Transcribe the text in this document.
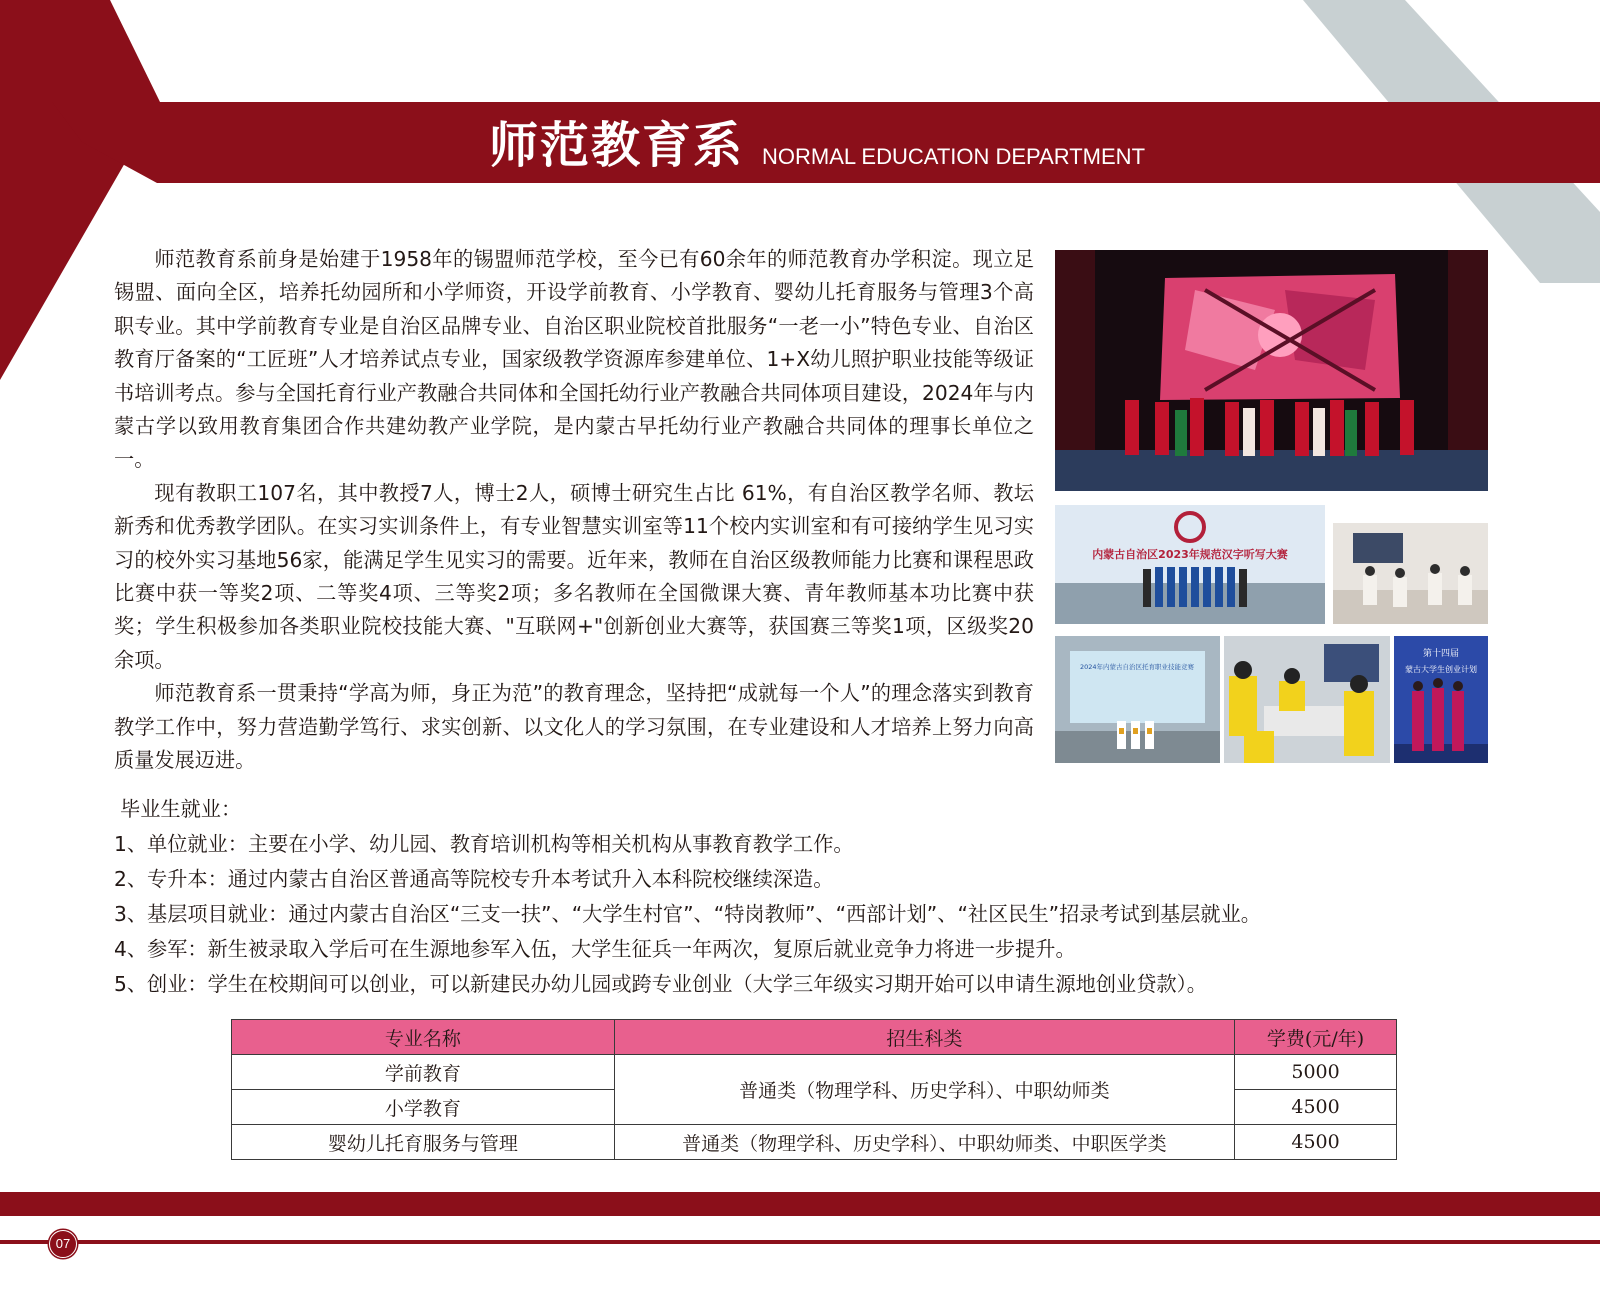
师范教育系 NORMAL EDUCATION DEPARTMENT

师范教育系前身是始建于1958年的锡盟师范学校，至今已有60余年的师范教育办学积淀。现立足锡盟、面向全区，培养托幼园所和小学师资，开设学前教育、小学教育、婴幼儿托育服务与管理3个高职专业。其中学前教育专业是自治区品牌专业、自治区职业院校首批服务“一老一小”特色专业、自治区教育厅备案的“工匠班”人才培养试点专业，国家级教学资源库参建单位、1+X幼儿照护职业技能等级证书培训考点。参与全国托育行业产教融合共同体和全国托幼行业产教融合共同体项目建设，2024年与内蒙古学以致用教育集团合作共建幼教产业学院，是内蒙古早托幼行业产教融合共同体的理事长单位之一。

现有教职工107名，其中教授7人，博士2人，硕博士研究生占比 61%，有自治区教学名师、教坛新秀和优秀教学团队。在实习实训条件上，有专业智慧实训室等11个校内实训室和有可接纳学生见习实习的校外实习基地56家，能满足学生见实习的需要。近年来，教师在自治区级教师能力比赛和课程思政比赛中获一等奖2项、二等奖4项、三等奖2项；多名教师在全国微课大赛、青年教师基本功比赛中获奖；学生积极参加各类职业院校技能大赛、"互联网+"创新创业大赛等，获国赛三等奖1项，区级奖20余项。

师范教育系一贯秉持“学高为师，身正为范”的教育理念，坚持把“成就每一个人”的理念落实到教育教学工作中，努力营造勤学笃行、求实创新、以文化人的学习氛围，在专业建设和人才培养上努力向高质量发展迈进。

内蒙古自治区2023年规范汉字听写大赛
2024年内蒙古自治区托育职业技能竞赛
第十四届
蒙古大学生创业计划
毕业生就业：
1、单位就业：主要在小学、幼儿园、教育培训机构等相关机构从事教育教学工作。
2、专升本：通过内蒙古自治区普通高等院校专升本考试升入本科院校继续深造。
3、基层项目就业：通过内蒙古自治区“三支一扶”、“大学生村官”、“特岗教师”、“西部计划”、“社区民生”招录考试到基层就业。
4、参军：新生被录取入学后可在生源地参军入伍，大学生征兵一年两次，复原后就业竞争力将进一步提升。
5、创业：学生在校期间可以创业，可以新建民办幼儿园或跨专业创业（大学三年级实习期开始可以申请生源地创业贷款）。
专业名称	招生科类	学费(元/年)
学前教育	普通类（物理学科、历史学科）、中职幼师类	5000
小学教育		4500
婴幼儿托育服务与管理	普通类（物理学科、历史学科）、中职幼师类、中职医学类	4500
07
